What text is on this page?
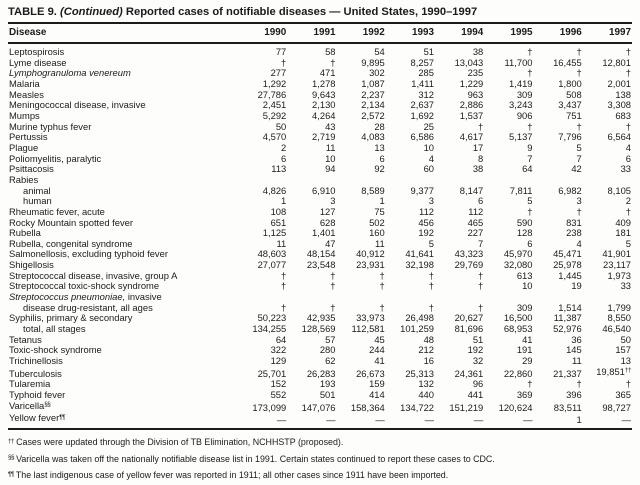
TABLE 9. (Continued) Reported cases of notifiable diseases — United States, 1990–1997
Disease	1990	1991	1992	1993	1994	1995	1996	1997
Leptospirosis	77	58	54	51	38	†	†	†
Lyme disease	†	†	9,895	8,257	13,043	11,700	16,455	12,801
Lymphogranuloma venereum	277	471	302	285	235	†	†	†
Malaria	1,292	1,278	1,087	1,411	1,229	1,419	1,800	2,001
Measles	27,786	9,643	2,237	312	963	309	508	138
Meningococcal disease, invasive	2,451	2,130	2,134	2,637	2,886	3,243	3,437	3,308
Mumps	5,292	4,264	2,572	1,692	1,537	906	751	683
Murine typhus fever	50	43	28	25	†	†	†	†
Pertussis	4,570	2,719	4,083	6,586	4,617	5,137	7,796	6,564
Plague	2	11	13	10	17	9	5	4
Poliomyelitis, paralytic	6	10	6	4	8	7	7	6
Psittacosis	113	94	92	60	38	64	42	33
Rabies								
animal	4,826	6,910	8,589	9,377	8,147	7,811	6,982	8,105
human	1	3	1	3	6	5	3	2
Rheumatic fever, acute	108	127	75	112	112	†	†	†
Rocky Mountain spotted fever	651	628	502	456	465	590	831	409
Rubella	1,125	1,401	160	192	227	128	238	181
Rubella, congenital syndrome	11	47	11	5	7	6	4	5
Salmonellosis, excluding typhoid fever	48,603	48,154	40,912	41,641	43,323	45,970	45,471	41,901
Shigellosis	27,077	23,548	23,931	32,198	29,769	32,080	25,978	23,117
Streptococcal disease, invasive, group A	†	†	†	†	†	613	1,445	1,973
Streptococcal toxic-shock syndrome	†	†	†	†	†	10	19	33
Streptococcus pneumoniae, invasive								
disease drug-resistant, all ages	†	†	†	†	†	309	1,514	1,799
Syphilis, primary & secondary	50,223	42,935	33,973	26,498	20,627	16,500	11,387	8,550
total, all stages	134,255	128,569	112,581	101,259	81,696	68,953	52,976	46,540
Tetanus	64	57	45	48	51	41	36	50
Toxic-shock syndrome	322	280	244	212	192	191	145	157
Trichinellosis	129	62	41	16	32	29	11	13
Tuberculosis	25,701	26,283	26,673	25,313	24,361	22,860	21,337	19,851††
Tularemia	152	193	159	132	96	†	†	†
Typhoid fever	552	501	414	440	441	369	396	365
Varicella§§	173,099	147,076	158,364	134,722	151,219	120,624	83,511	98,727
Yellow fever¶¶	—	—	—	—	—	—	1	—
†† Cases were updated through the Division of TB Elimination, NCHHSTP (proposed).
§§ Varicella was taken off the nationally notifiable disease list in 1991. Certain states continued to report these cases to CDC.
¶¶ The last indigenous case of yellow fever was reported in 1911; all other cases since 1911 have been imported.
